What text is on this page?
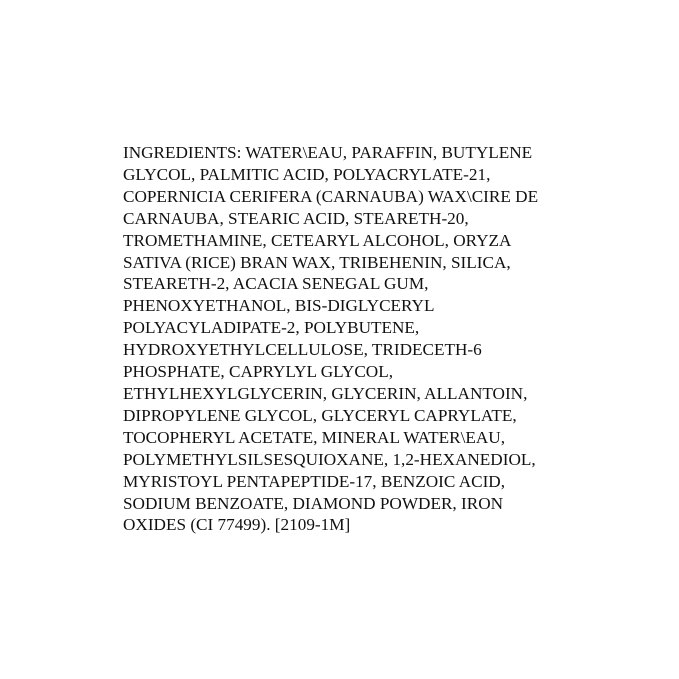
INGREDIENTS: WATER\EAU, PARAFFIN, BUTYLENE
GLYCOL, PALMITIC ACID, POLYACRYLATE-21,
COPERNICIA CERIFERA (CARNAUBA) WAX\CIRE DE
CARNAUBA, STEARIC ACID, STEARETH-20,
TROMETHAMINE, CETEARYL ALCOHOL, ORYZA
SATIVA (RICE) BRAN WAX, TRIBEHENIN, SILICA,
STEARETH-2, ACACIA SENEGAL GUM,
PHENOXYETHANOL, BIS-DIGLYCERYL
POLYACYLADIPATE-2, POLYBUTENE,
HYDROXYETHYLCELLULOSE, TRIDECETH-6
PHOSPHATE, CAPRYLYL GLYCOL,
ETHYLHEXYLGLYCERIN, GLYCERIN, ALLANTOIN,
DIPROPYLENE GLYCOL, GLYCERYL CAPRYLATE,
TOCOPHERYL ACETATE, MINERAL WATER\EAU,
POLYMETHYLSILSESQUIOXANE, 1,2-HEXANEDIOL,
MYRISTOYL PENTAPEPTIDE-17, BENZOIC ACID,
SODIUM BENZOATE, DIAMOND POWDER, IRON
OXIDES (CI 77499). [2109-1M]
